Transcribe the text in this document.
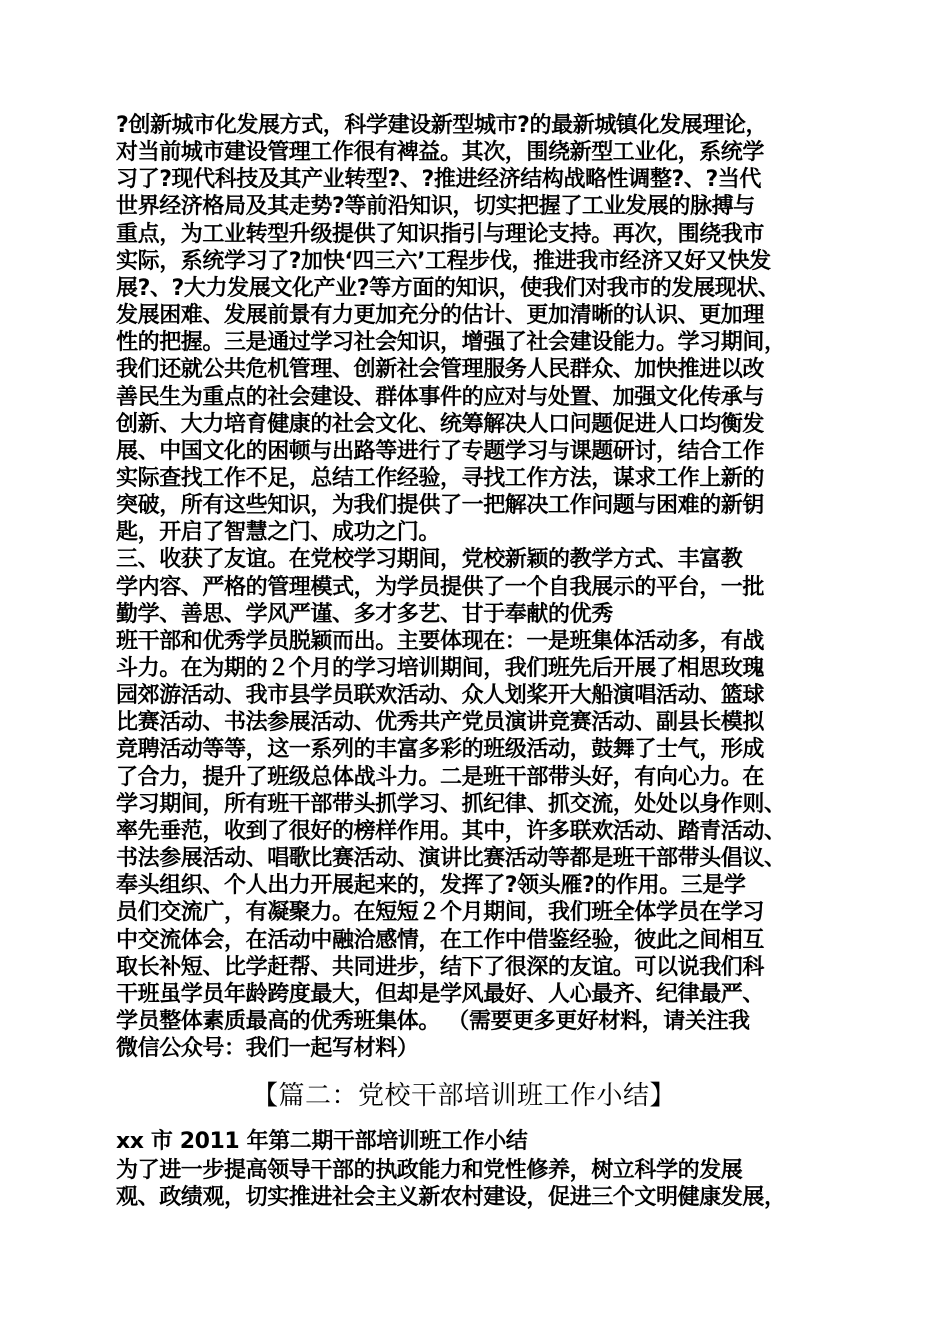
?创新城市化发展方式，科学建设新型城市?的最新城镇化发展理论，
对当前城市建设管理工作很有裨益。其次，围绕新型工业化，系统学
习了?现代科技及其产业转型?、?推进经济结构战略性调整?、?当代
世界经济格局及其走势?等前沿知识，切实把握了工业发展的脉搏与
重点，为工业转型升级提供了知识指引与理论支持。再次，围绕我市
实际，系统学习了?加快‘四三六’工程步伐，推进我市经济又好又快发
展?、?大力发展文化产业?等方面的知识，使我们对我市的发展现状、
发展困难、发展前景有力更加充分的估计、更加清晰的认识、更加理
性的把握。三是通过学习社会知识，增强了社会建设能力。学习期间，
我们还就公共危机管理、创新社会管理服务人民群众、加快推进以改
善民生为重点的社会建设、群体事件的应对与处置、加强文化传承与
创新、大力培育健康的社会文化、统筹解决人口问题促进人口均衡发
展、中国文化的困顿与出路等进行了专题学习与课题研讨，结合工作
实际查找工作不足，总结工作经验，寻找工作方法，谋求工作上新的
突破，所有这些知识，为我们提供了一把解决工作问题与困难的新钥
匙，开启了智慧之门、成功之门。
三、收获了友谊。在党校学习期间，党校新颖的教学方式、丰富教
学内容、严格的管理模式，为学员提供了一个自我展示的平台，一批
勤学、善思、学风严谨、多才多艺、甘于奉献的优秀
班干部和优秀学员脱颖而出。主要体现在：一是班集体活动多，有战
斗力。在为期的２个月的学习培训期间，我们班先后开展了相思玫瑰
园郊游活动、我市县学员联欢活动、众人划桨开大船演唱活动、篮球
比赛活动、书法参展活动、优秀共产党员演讲竞赛活动、副县长模拟
竞聘活动等等，这一系列的丰富多彩的班级活动，鼓舞了士气，形成
了合力，提升了班级总体战斗力。二是班干部带头好，有向心力。在
学习期间，所有班干部带头抓学习、抓纪律、抓交流，处处以身作则、
率先垂范，收到了很好的榜样作用。其中，许多联欢活动、踏青活动、
书法参展活动、唱歌比赛活动、演讲比赛活动等都是班干部带头倡议、
奉头组织、个人出力开展起来的，发挥了?领头雁?的作用。三是学
员们交流广，有凝聚力。在短短２个月期间，我们班全体学员在学习
中交流体会，在活动中融洽感情，在工作中借鉴经验，彼此之间相互
取长补短、比学赶帮、共同进步，结下了很深的友谊。可以说我们科
干班虽学员年龄跨度最大，但却是学风最好、人心最齐、纪律最严、
学员整体素质最高的优秀班集体。 （需要更多更好材料，请关注我
微信公众号：我们一起写材料）
【篇二：党校干部培训班工作小结】
xx 市 2011 年第二期干部培训班工作小结
为了进一步提高领导干部的执政能力和党性修养，树立科学的发展
观、政绩观，切实推进社会主义新农村建设，促进三个文明健康发展，
